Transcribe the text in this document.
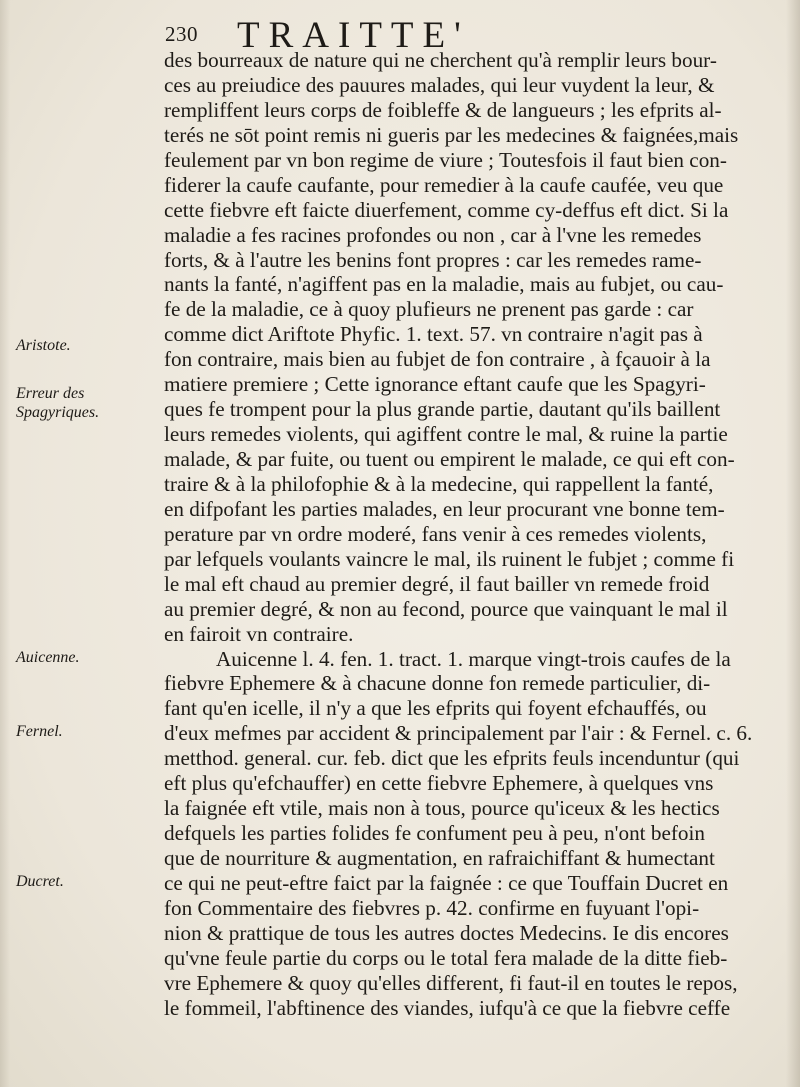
230 TRAITTE'
Aristote.
Erreur des Spagyriques.
Auicenne.
Fernel.
Ducret.
des bourreaux de nature qui ne cherchent qu'à remplir leurs bour-
ces au preiudice des pauures malades, qui leur vuydent la leur, &
rempliffent leurs corps de foibleffe & de langueurs ; les efprits al-
terés ne sōt point remis ni gueris par les medecines & faignées,mais
feulement par vn bon regime de viure ; Toutesfois il faut bien con-
fiderer la caufe caufante, pour remedier à la caufe caufée, veu que
cette fiebvre eft faicte diuerfement, comme cy-deffus eft dict. Si la
maladie a fes racines profondes ou non , car à l'vne les remedes
forts, & à l'autre les benins font propres : car les remedes rame-
nants la fanté, n'agiffent pas en la maladie, mais au fubjet, ou cau-
fe de la maladie, ce à quoy plufieurs ne prenent pas garde : car
comme dict Ariftote Phyfic. 1. text. 57. vn contraire n'agit pas à
fon contraire, mais bien au fubjet de fon contraire , à fçauoir à la
matiere premiere ; Cette ignorance eftant caufe que les Spagyri-
ques fe trompent pour la plus grande partie, dautant qu'ils baillent
leurs remedes violents, qui agiffent contre le mal, & ruine la partie
malade, & par fuite, ou tuent ou empirent le malade, ce qui eft con-
traire & à la philofophie & à la medecine, qui rappellent la fanté,
en difpofant les parties malades, en leur procurant vne bonne tem-
perature par vn ordre moderé, fans venir à ces remedes violents,
par lefquels voulants vaincre le mal, ils ruinent le fubjet ; comme fi
le mal eft chaud au premier degré, il faut bailler vn remede froid
au premier degré, & non au fecond, pource que vainquant le mal il
en fairoit vn contraire.
Auicenne l. 4. fen. 1. tract. 1. marque vingt-trois caufes de la
fiebvre Ephemere & à chacune donne fon remede particulier, di-
fant qu'en icelle, il n'y a que les efprits qui foyent efchauffés, ou
d'eux mefmes par accident & principalement par l'air : & Fernel. c. 6.
metthod. general. cur. feb. dict que les efprits feuls incenduntur (qui
eft plus qu'efchauffer) en cette fiebvre Ephemere, à quelques vns
la faignée eft vtile, mais non à tous, pource qu'iceux & les hectics
defquels les parties folides fe confument peu à peu, n'ont befoin
que de nourriture & augmentation, en rafraichiffant & humectant
ce qui ne peut-eftre faict par la faignée : ce que Touffain Ducret en
fon Commentaire des fiebvres p. 42. confirme en fuyuant l'opi-
nion & prattique de tous les autres doctes Medecins. Ie dis encores
qu'vne feule partie du corps ou le total fera malade de la ditte fieb-
vre Ephemere & quoy qu'elles different, fi faut-il en toutes le repos,
le fommeil, l'abftinence des viandes, iufqu'à ce que la fiebvre ceffe
